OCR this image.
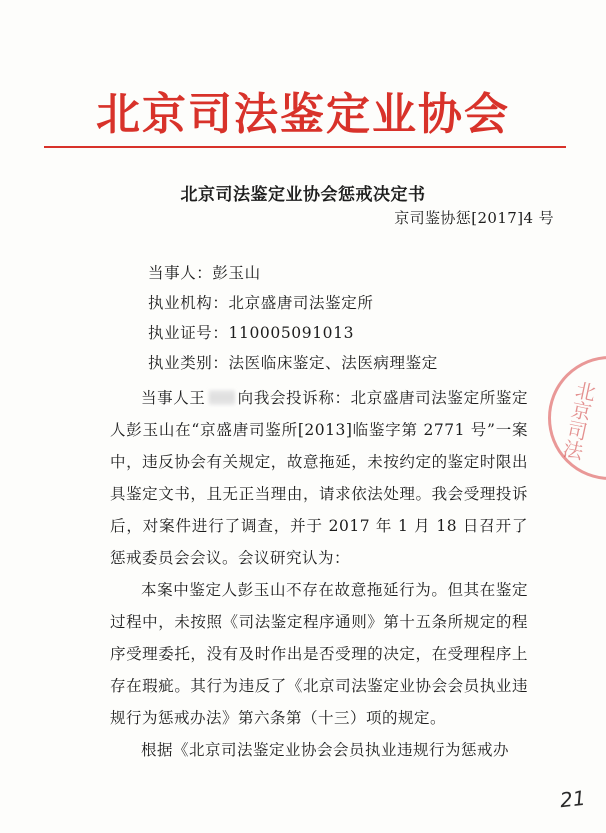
北京司法鉴定业协会
北京司法鉴定业协会惩戒决定书
京司鉴协惩[2017]4 号
当事人：彭玉山
执业机构：北京盛唐司法鉴定所
执业证号：110005091013
执业类别：法医临床鉴定、法医病理鉴定

当事人王 向我会投诉称：北京盛唐司法鉴定所鉴定人彭玉山在“京盛唐司鉴所[2013]临鉴字第 2771 号”一案中，违反协会有关规定，故意拖延，未按约定的鉴定时限出具鉴定文书，且无正当理由，请求依法处理。我会受理投诉后，对案件进行了调查，并于 2017 年 1 月 18 日召开了惩戒委员会会议。会议研究认为：

本案中鉴定人彭玉山不存在故意拖延行为。但其在鉴定过程中，未按照《司法鉴定程序通则》第十五条所规定的程序受理委托，没有及时作出是否受理的决定，在受理程序上存在瑕疵。其行为违反了《北京司法鉴定业协会会员执业违规行为惩戒办法》第六条第（十三）项的规定。

根据《北京司法鉴定业协会会员执业违规行为惩戒办

北京司法
21
